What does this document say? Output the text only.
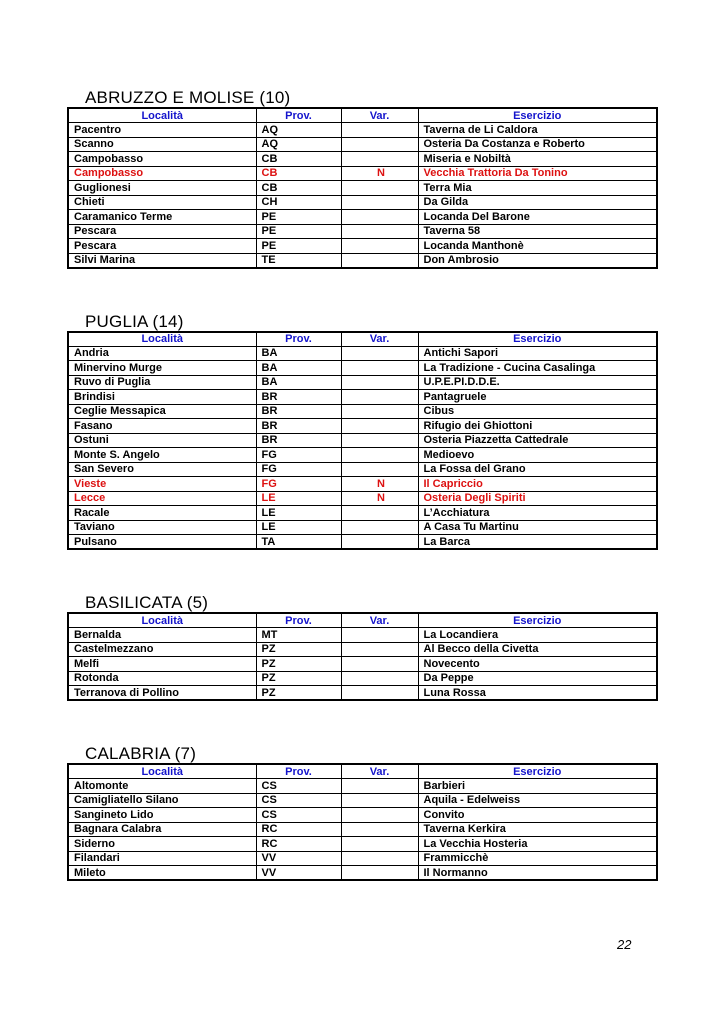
ABRUZZO E MOLISE (10)
Località	Prov.	Var.	Esercizio
Pacentro	AQ		Taverna de Li Caldora
Scanno	AQ		Osteria Da Costanza e Roberto
Campobasso	CB		Miseria e Nobiltà
Campobasso	CB	N	Vecchia Trattoria Da Tonino
Guglionesi	CB		Terra Mia
Chieti	CH		Da Gilda
Caramanico Terme	PE		Locanda Del Barone
Pescara	PE		Taverna 58
Pescara	PE		Locanda Manthonè
Silvi Marina	TE		Don Ambrosio
PUGLIA (14)
Località	Prov.	Var.	Esercizio
Andria	BA		Antichi Sapori
Minervino Murge	BA		La Tradizione - Cucina Casalinga
Ruvo di Puglia	BA		U.P.E.PI.D.D.E.
Brindisi	BR		Pantagruele
Ceglie Messapica	BR		Cibus
Fasano	BR		Rifugio dei Ghiottoni
Ostuni	BR		Osteria Piazzetta Cattedrale
Monte S. Angelo	FG		Medioevo
San Severo	FG		La Fossa del Grano
Vieste	FG	N	Il Capriccio
Lecce	LE	N	Osteria Degli Spiriti
Racale	LE		L’Acchiatura
Taviano	LE		A Casa Tu Martinu
Pulsano	TA		La Barca
BASILICATA (5)
Località	Prov.	Var.	Esercizio
Bernalda	MT		La Locandiera
Castelmezzano	PZ		Al Becco della Civetta
Melfi	PZ		Novecento
Rotonda	PZ		Da Peppe
Terranova di Pollino	PZ		Luna Rossa
CALABRIA (7)
Località	Prov.	Var.	Esercizio
Altomonte	CS		Barbieri
Camigliatello Silano	CS		Aquila - Edelweiss
Sangineto Lido	CS		Convito
Bagnara Calabra	RC		Taverna Kerkira
Siderno	RC		La Vecchia Hosteria
Filandari	VV		Frammicchè
Mileto	VV		Il Normanno
22
